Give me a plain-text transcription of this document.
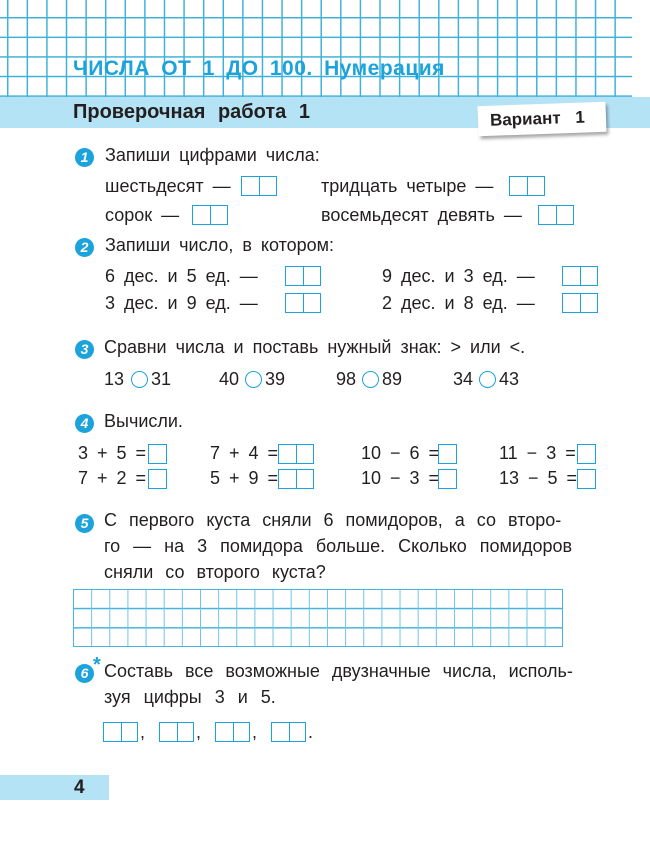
ЧИСЛА ОТ 1 ДО 100. Нумерация
Проверочная работа 1	Вариант 1
1 Запиши цифрами числа:
шестьдесят —	тридцать четыре —
сорок —	восемьдесят девять —
2 Запиши число, в котором:
6 дес. и 5 ед. —	9 дес. и 3 ед. —
3 дес. и 9 ед. —	2 дес. и 8 ед. —
3 Сравни числа и поставь нужный знак: > или <.
13 31	40 39	98 89	34 43
4 Вычисли.
3 + 5 =	7 + 4 =	10 − 6 =	11 − 3 =
7 + 2 =	5 + 9 =	10 − 3 =	13 − 5 =
5 С первого куста сняли 6 помидоров, а со второ-
го — на 3 помидора больше. Сколько помидоров
сняли со второго куста?
6 * Составь все возможные двузначные числа, исполь-
зуя цифры 3 и 5.
,	,	,	.
4
